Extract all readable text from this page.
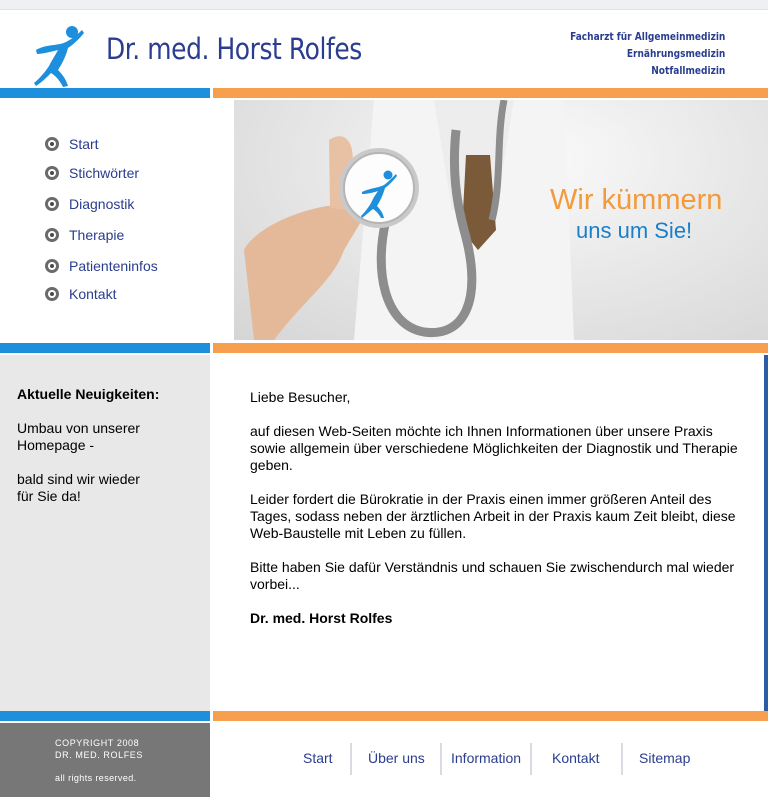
Dr. med. Horst Rolfes	Facharzt für Allgemeinmedizin
Ernährungsmedizin
Notfallmedizin
Start
Stichwörter
Diagnostik
Therapie
Patienteninfos
Kontakt
Wir kümmern
uns um Sie!
Aktuelle Neuigkeiten:

Umbau von unserer

Homepage -

bald sind wir wieder

für Sie da!

Liebe Besucher,

auf diesen Web-Seiten möchte ich Ihnen Informationen über unsere Praxis sowie allgemein über verschiedene Möglichkeiten der Diagnostik und Therapie geben.

Leider fordert die Bürokratie in der Praxis einen immer größeren Anteil des Tages, sodass neben der ärztlichen Arbeit in der Praxis kaum Zeit bleibt, diese Web-Baustelle mit Leben zu füllen.

Bitte haben Sie dafür Verständnis und schauen Sie zwischendurch mal wieder vorbei...

Dr. med. Horst Rolfes

COPYRIGHT 2008
DR. MED. ROLFES
all rights reserved.
Start	Über uns Information Kontakt	Sitemap
